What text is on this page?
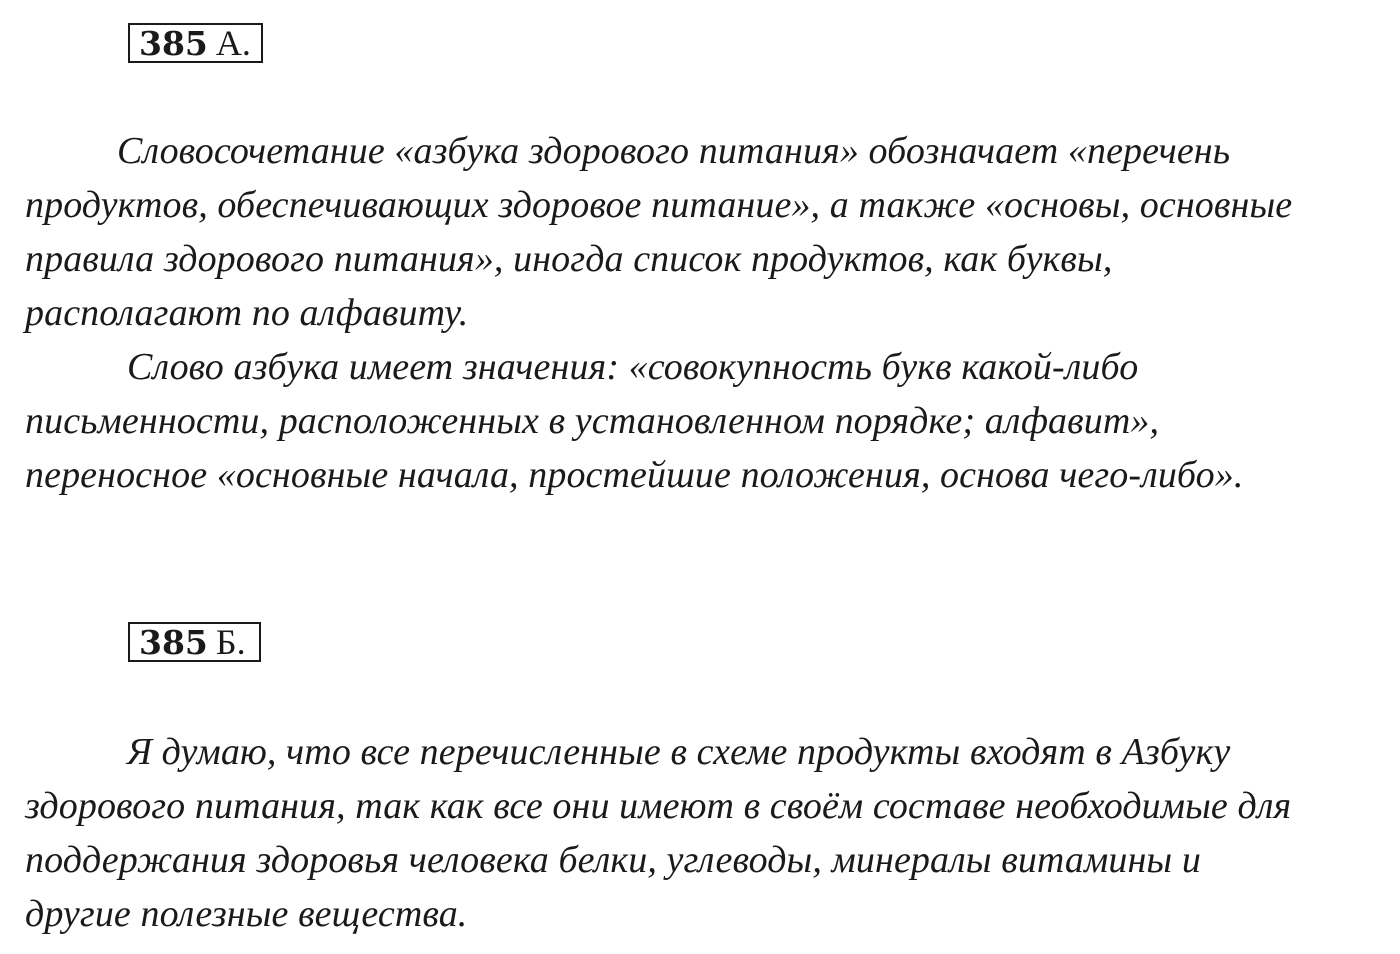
385 А.

Словосочетание «азбука здорового питания» обозначает «перечень

продуктов, обеспечивающих здоровое питание», а также «основы, основные

правила здорового питания», иногда список продуктов, как буквы,

располагают по алфавиту.

Слово азбука имеет значения: «совокупность букв какой-либо

письменности, расположенных в установленном порядке; алфавит»,

переносное «основные начала, простейшие положения, основа чего-либо».

385 Б.

Я думаю, что все перечисленные в схеме продукты входят в Азбуку

здорового питания, так как все они имеют в своём составе необходимые для

поддержания здоровья человека белки, углеводы, минералы витамины и

другие полезные вещества.
